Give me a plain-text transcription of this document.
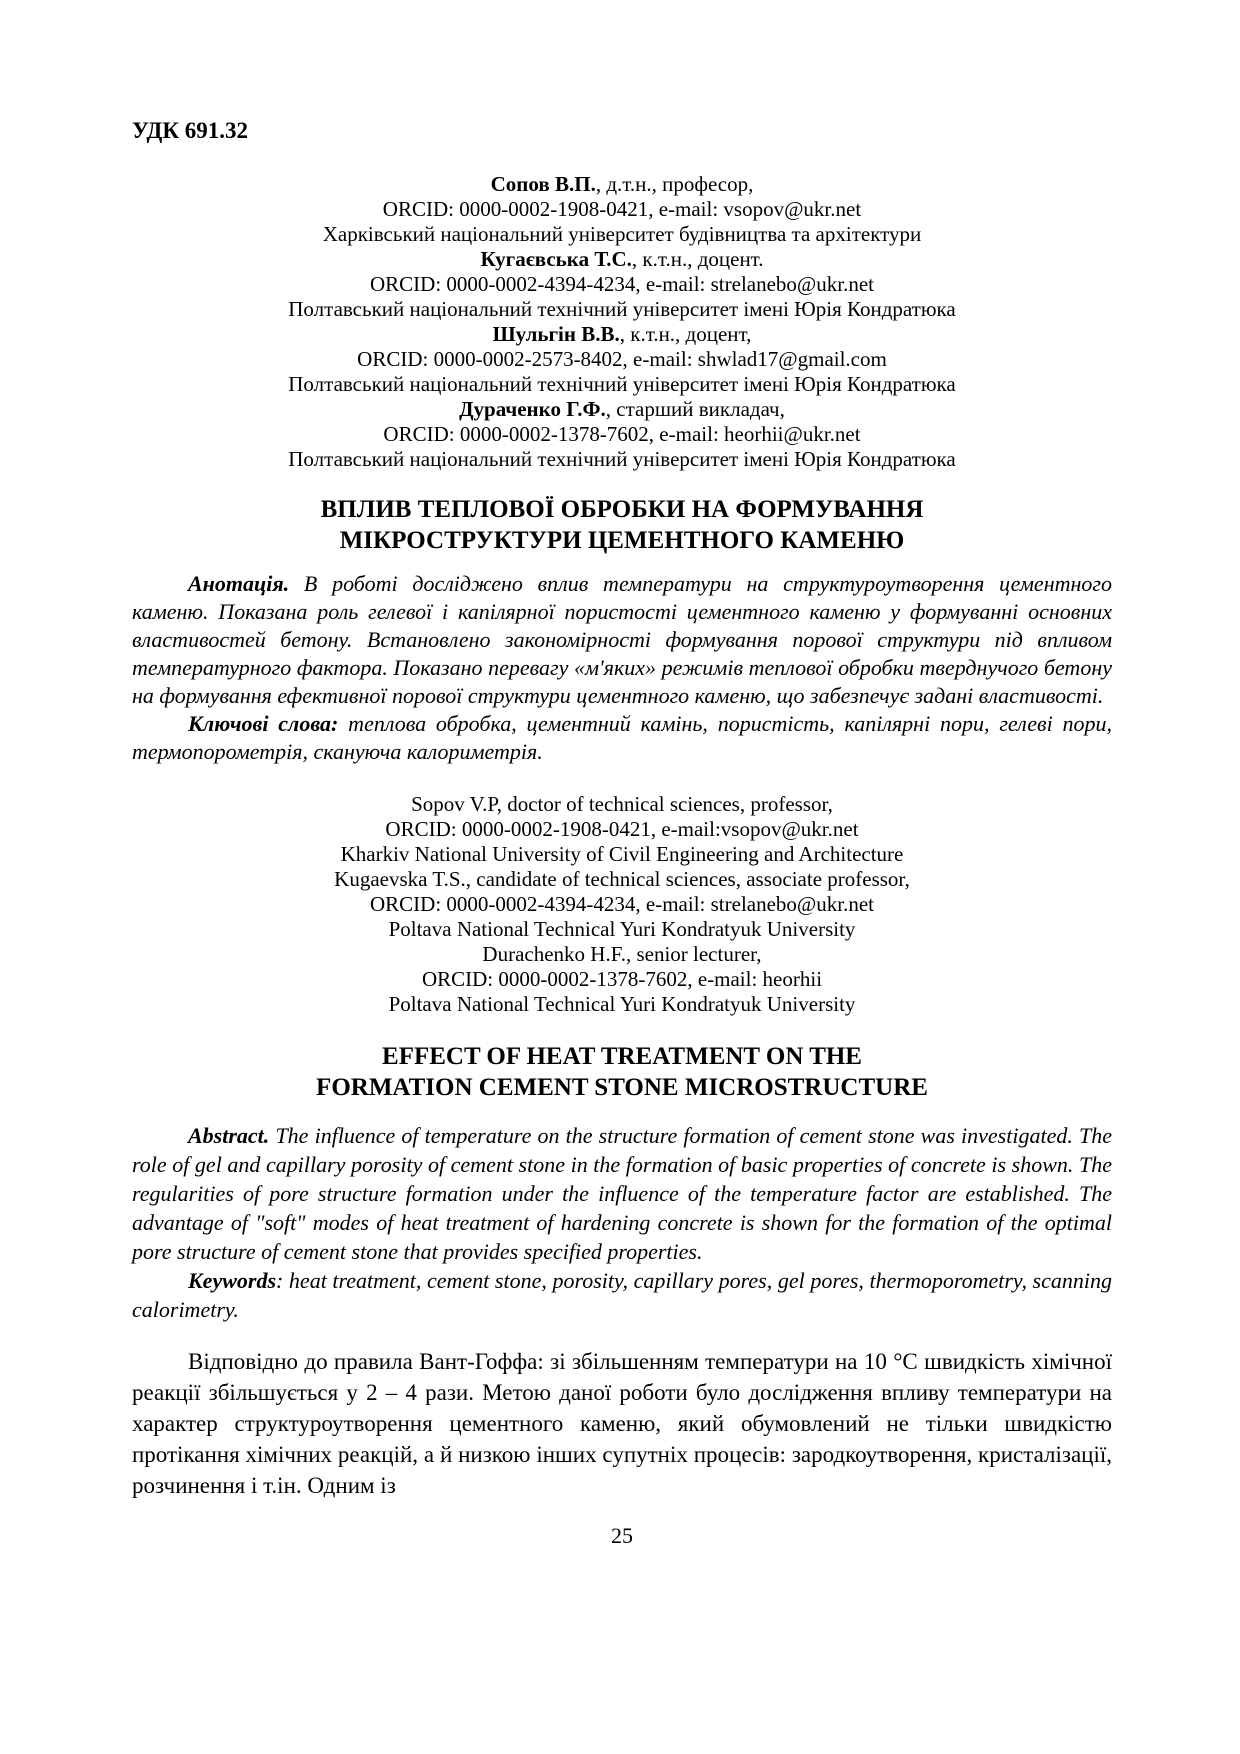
УДК 691.32
Сопов В.П., д.т.н., професор,
ORCID: 0000-0002-1908-0421, e-mail: vsopov@ukr.net
Харківський національний університет будівництва та архітектури
Кугаєвська Т.С., к.т.н., доцент.
ORCID: 0000-0002-4394-4234, e-mail: strelanebo@ukr.net
Полтавський національний технічний університет імені Юрія Кондратюка
Шульгін В.В., к.т.н., доцент,
ORCID: 0000-0002-2573-8402, e-mail: shwlad17@gmail.com
Полтавський національний технічний університет імені Юрія Кондратюка
Дураченко Г.Ф., старший викладач,
ORCID: 0000-0002-1378-7602, e-mail: heorhii@ukr.net
Полтавський національний технічний університет імені Юрія Кондратюка
ВПЛИВ ТЕПЛОВОЇ ОБРОБКИ НА ФОРМУВАННЯ
МІКРОСТРУКТУРИ ЦЕМЕНТНОГО КАМЕНЮ

Анотація. В роботі досліджено вплив температури на структуроутворення цементного каменю. Показана роль гелевої і капілярної пористості цементного каменю у формуванні основних властивостей бетону. Встановлено закономірності формування порової структури під впливом температурного фактора. Показано перевагу «м'яких» режимів теплової обробки тверднучого бетону на формування ефективної порової структури цементного каменю, що забезпечує задані властивості.

Ключові слова: теплова обробка, цементний камінь, пористість, капілярні пори, гелеві пори, термопорометрія, скануюча калориметрія.

Sopov V.P, doctor of technical sciences, professor,
ORCID: 0000-0002-1908-0421, e-mail:vsopov@ukr.net
Kharkiv National University of Civil Engineering and Architecture
Kugaevska T.S., candidate of technical sciences, associate professor,
ORCID: 0000-0002-4394-4234, e-mail: strelanebo@ukr.net
Poltava National Technical Yuri Kondratyuk University
Durachenko H.F., senior lecturer,
ORCID: 0000-0002-1378-7602, e-mail: heorhii
Poltava National Technical Yuri Kondratyuk University
EFFECT OF HEAT TREATMENT ON THE
FORMATION CEMENT STONE MICROSTRUCTURE

Abstract. The influence of temperature on the structure formation of cement stone was investigated. The role of gel and capillary porosity of cement stone in the formation of basic properties of concrete is shown. The regularities of pore structure formation under the influence of the temperature factor are established. The advantage of "soft" modes of heat treatment of hardening concrete is shown for the formation of the optimal pore structure of cement stone that provides specified properties.

Keywords: heat treatment, cement stone, porosity, capillary pores, gel pores, thermoporometry, scanning calorimetry.

Відповідно до правила Вант-Гоффа: зі збільшенням температури на 10 °С швидкість хімічної реакції збільшується у 2 – 4 рази. Метою даної роботи було дослідження впливу температури на характер структуроутворення цементного каменю, який обумовлений не тільки швидкістю протікання хімічних реакцій, а й низкою інших супутніх процесів: зародкоутворення, кристалізації, розчинення і т.ін. Одним із

25
